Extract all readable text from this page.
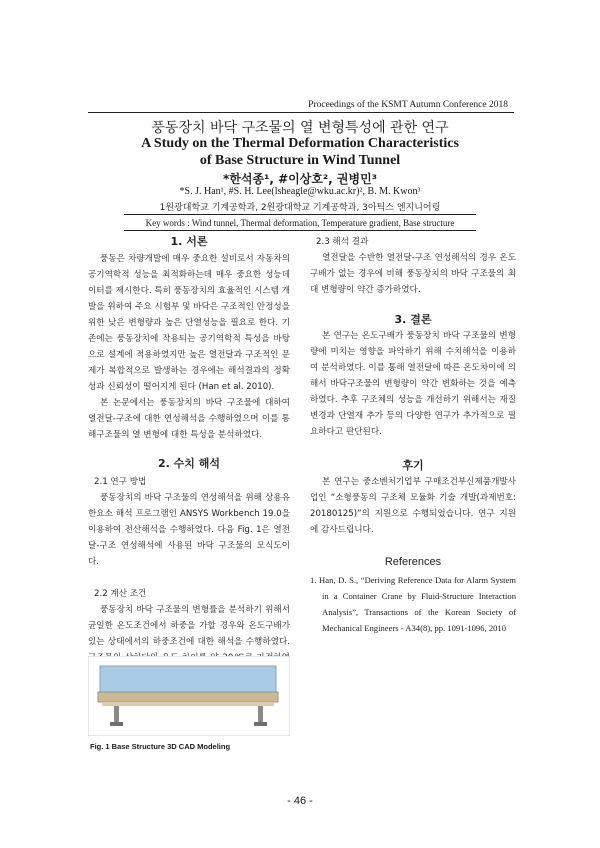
Proceedings of the KSMT Autumn Conference 2018
풍동장치 바닥 구조물의 열 변형특성에 관한 연구
A Study on the Thermal Deformation Characteristics
of Base Structure in Wind Tunnel
*한석종¹, #이상호², 권병민³
*S. J. Han¹, #S. H. Lee(lsheagle@wku.ac.kr)², B. M. Kwon³
1원광대학교 기계공학과, 2원광대학교 기계공학과, 3아틱스 엔지니어링
Key words : Wind tunnel, Thermal deformation, Temperature gradient, Base structure
1. 서론

풍동은 차량개발에 매우 중요한 설비로서 자동차의 공기역학적 성능을 최적화하는데 매우 중요한 성능데이터를 제시한다. 특히 풍동장치의 효율적인 시스템 개발을 위하여 주요 시험부 및 바닥은 구조적인 안정성을 위한 낮은 변형량과 높은 단열성능을 필요로 한다. 기존에는 풍동장치에 작용되는 공기역학적 특성을 바탕으로 설계에 적용하였지만 높은 열전달과 구조적인 문제가 복합적으로 발생하는 경우에는 해석결과의 정확성과 신뢰성이 떨어지게 된다 (Han et al. 2010).

본 논문에서는 풍동장치의 바닥 구조물에 대하여 열전달-구조에 대한 연성해석을 수행하였으며 이를 통해구조물의 열 변형에 대한 특성을 분석하였다.

2. 수치 해석
2.1 연구 방법

풍동장치의 바닥 구조물의 연성해석을 위해 상용유한요소 해석 프로그램인 ANSYS Workbench 19.0을 이용하여 전산해석을 수행하였다. 다음 Fig. 1은 열전달-구조 연성해석에 사용된 바닥 구조물의 모식도이다.

2.2 계산 조건

풍동장치 바닥 구조물의 변형률을 분석하기 위해서 균일한 온도조건에서 하중을 가할 경우와 온도구배가 있는 상태에서의 하중조건에 대한 해석을 수행하였다.

Fig. 1 Base Structure 3D CAD Modeling
2.3 해석 결과

열전달을 수반한 열전달-구조 연성해석의 경우 온도구배가 없는 경우에 비해 풍동장치의 바닥 구조물의 최대 변형량이 약간 증가하였다.

3. 결론

본 연구는 온도구배가 풍동장치 바닥 구조물의 변형량에 미치는 영향을 파악하기 위해 수치해석을 이용하여 분석하였다. 이를 통해 열전달에 따른 온도차이에 의해서 바닥구조물의 변형량이 약간 변화하는 것을 예측하였다. 추후 구조체의 성능을 개선하기 위해서는 재질 변경과 단열재 추가 등의 다양한 연구가 추가적으로 필요하다고 판단된다.

후기

본 연구는 중소벤처기업부 구매조건부신제품개발사업인 “소형풍동의 구조체 모듈화 기술 개발(과제번호: 20180125)”의 지원으로 수행되었습니다. 연구 지원에 감사드립니다.

References
1. Han, D. S., “Deriving Reference Data for Alarm System in a Container Crane by Fluid-Structure Interaction Analysis”, Transactions of the Korean Society of Mechanical Engineers - A34(8), pp. 1091-1096, 2010
- 46 -
